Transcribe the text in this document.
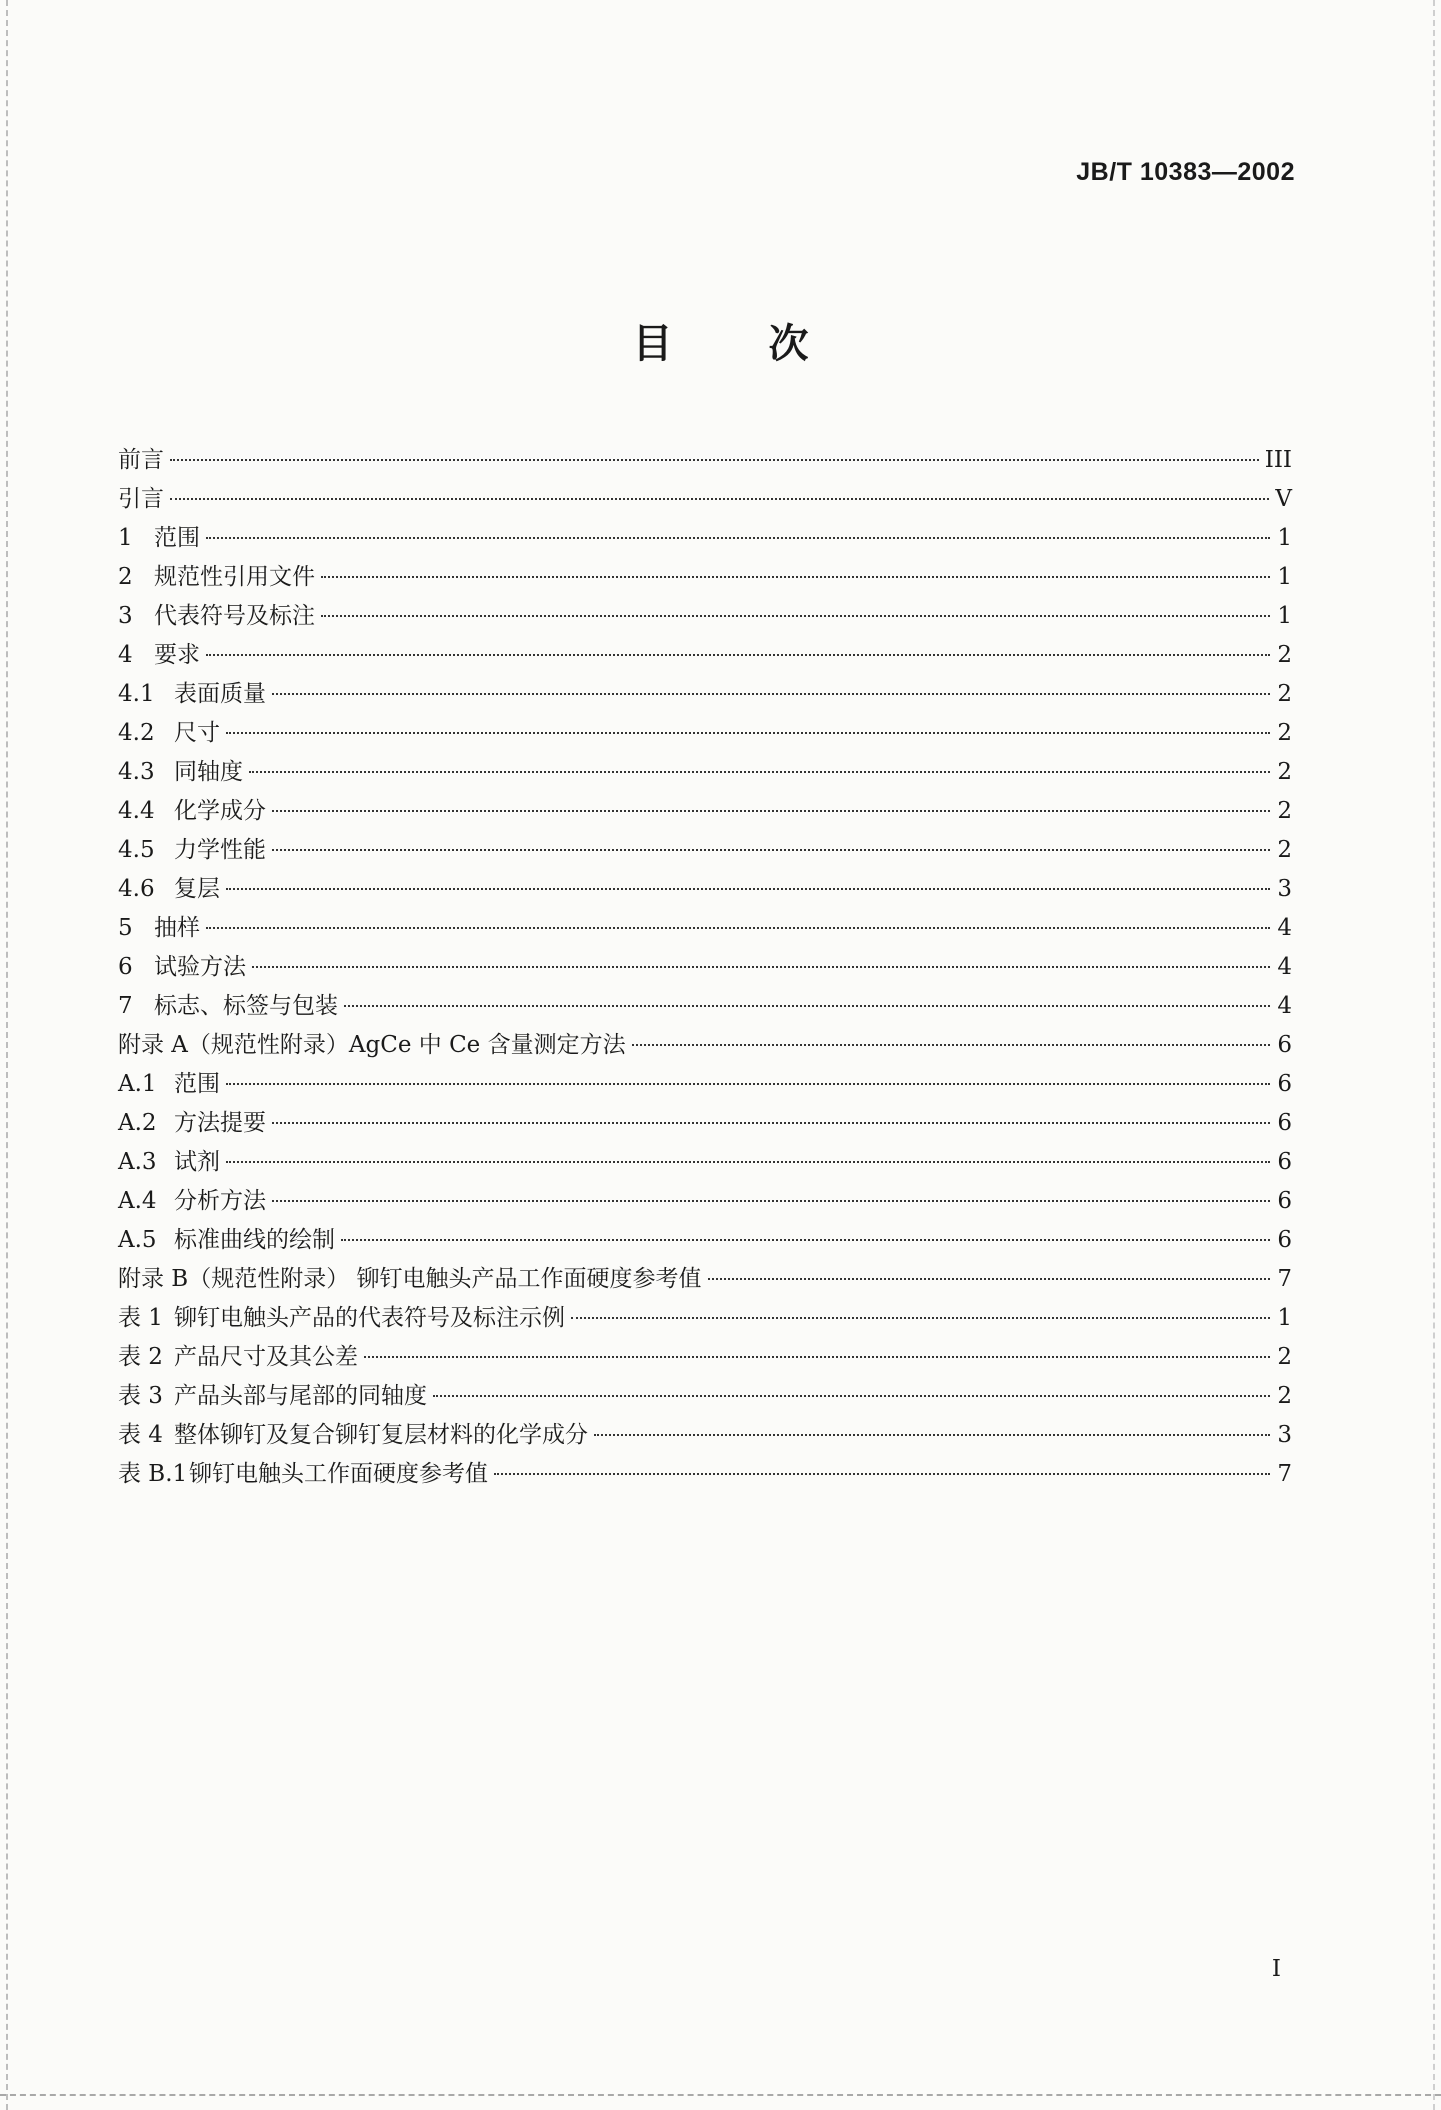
JB/T 10383—2002
目 次
前言	III
引言	V
1 范围	1
2 规范性引用文件	1
3 代表符号及标注	1
4 要求	2
4.1 表面质量	2
4.2 尺寸	2
4.3 同轴度	2
4.4 化学成分	2
4.5 力学性能	2
4.6 复层	3
5 抽样	4
6 试验方法	4
7 标志、标签与包装	4
附录 A（规范性附录）AgCe 中 Ce 含量测定方法	6
A.1 范围	6
A.2 方法提要	6
A.3 试剂	6
A.4 分析方法	6
A.5 标准曲线的绘制	6
附录 B（规范性附录） 铆钉电触头产品工作面硬度参考值	7
表 1 铆钉电触头产品的代表符号及标注示例	1
表 2 产品尺寸及其公差	2
表 3 产品头部与尾部的同轴度	2
表 4 整体铆钉及复合铆钉复层材料的化学成分	3
表 B.1 铆钉电触头工作面硬度参考值	7
I
